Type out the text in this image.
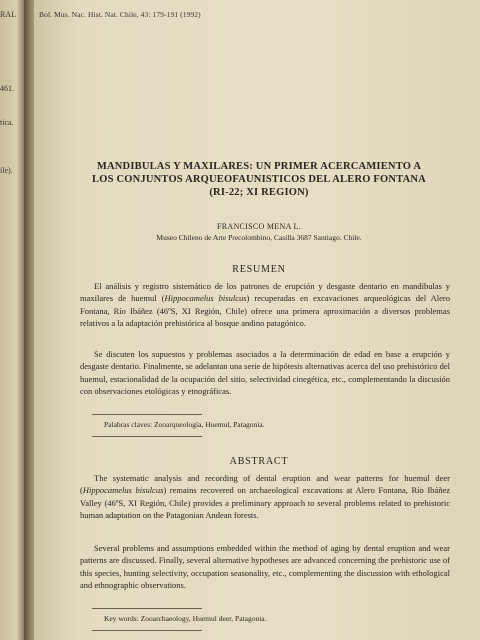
RAL
461.
tica.
ile).
Bol. Mus. Nac. Hist. Nat. Chile, 43: 179-191 (1992)
MANDIBULAS Y MAXILARES: UN PRIMER ACERCAMIENTO A
LOS CONJUNTOS ARQUEOFAUNISTICOS DEL ALERO FONTANA
(RI-22; XI REGION)
FRANCISCO MENA L.
Museo Chileno de Arte Precolombino, Casilla 3687 Santiago. Chile.
RESUMEN

El análisis y registro sistemático de los patrones de erupción y desgaste dentario en mandíbulas y maxilares de huemul (Hippocamelus bisulcus) recuperadas en excavaciones arqueológicas del Alero Fontana, Río Ibáñez (46ºS, XI Región, Chile) ofrece una primera aproximación a diversos problemas relativos a la adaptación prehistórica al bosque andino patagónico.

Se discuten los supuestos y problemas asociados a la determinación de edad en base a erupción y desgaste dentario. Finalmente, se adelantan una serie de hipótesis alternativas acerca del uso prehistórico del huemul, estacionalidad de la ocupación del sitio, selectividad cinegética, etc., complementando la discusión con observaciones etológicas y etnográficas.

Palabras claves: Zooarqueología, Huemul, Patagonia.
ABSTRACT

The systematic analysis and recording of dental eruption and wear patterns for huemul deer (Hippocamelus bisulcus) remains recovered on archaeological excavations at Alero Fontana, Río Ibáñez Valley (46ºS, XI Región, Chile) provides a preliminary approach to several problems related to prehistoric human adaptation on the Patagonian Andean forests.

Several problems and assumptions embedded within the method of aging by dental eruption and wear patterns are discussed. Finally, several alternative hypotheses are advanced concerning the prehistoric use of this species, hunting selectivity, occupation seasonality, etc., complementing the discussion with ethological and ethnographic observations.

Key words: Zooarchaeology, Huemul deer, Patagonia.
